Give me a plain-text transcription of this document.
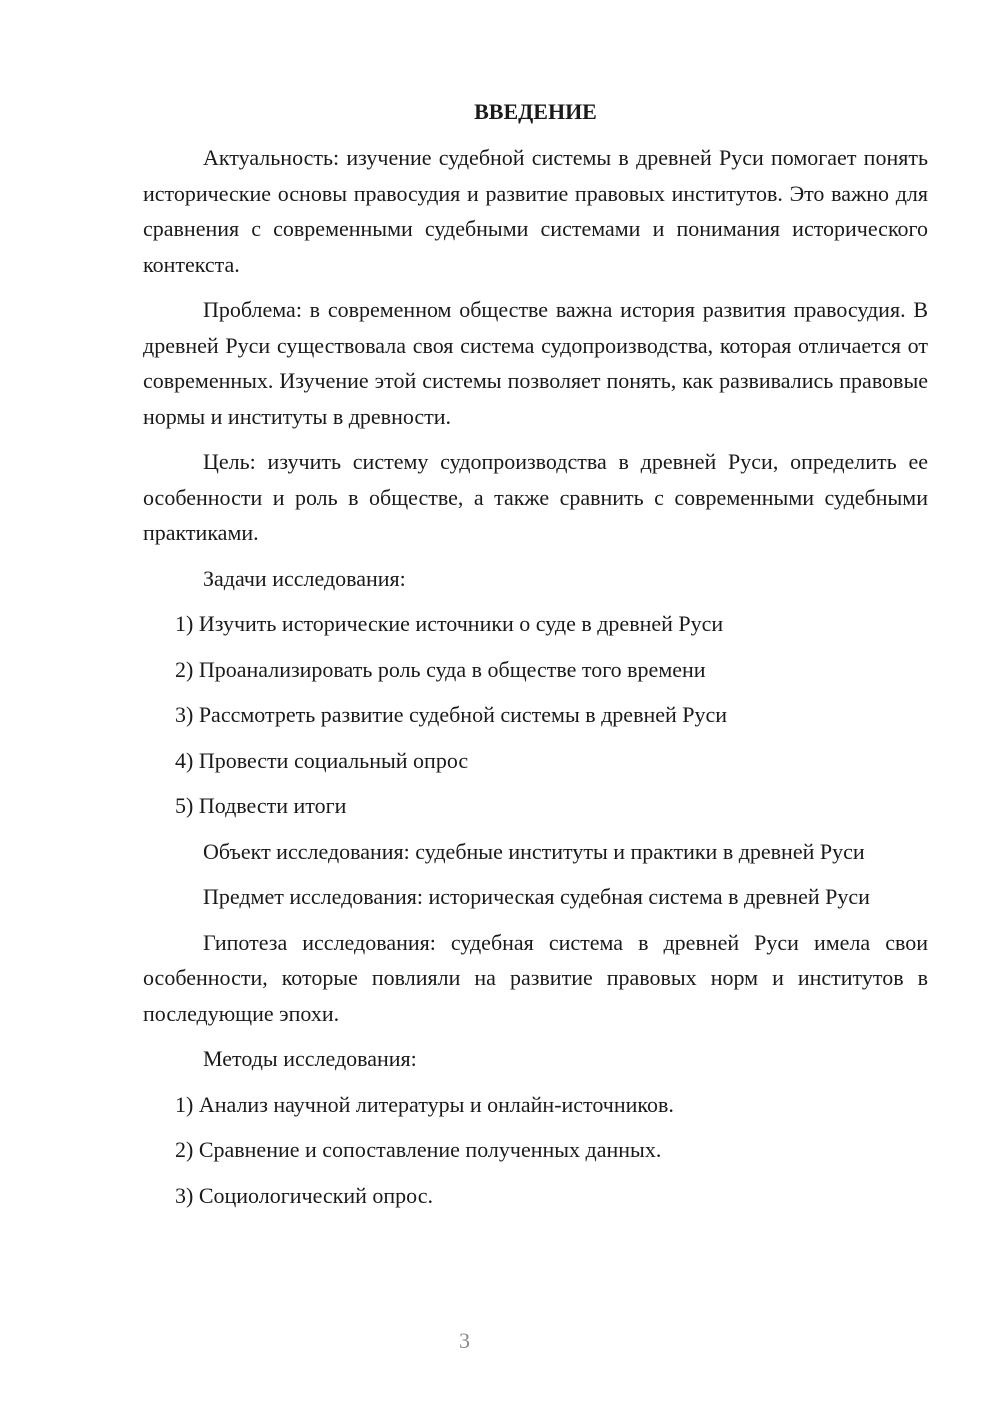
ВВЕДЕНИЕ
Актуальность: изучение судебной системы в древней Руси помогает понять исторические основы правосудия и развитие правовых институтов. Это важно для сравнения с современными судебными системами и понимания исторического контекста.
Проблема: в современном обществе важна история развития правосудия. В древней Руси существовала своя система судопроизводства, которая отличается от современных. Изучение этой системы позволяет понять, как развивались правовые нормы и институты в древности.
Цель: изучить систему судопроизводства в древней Руси, определить ее особенности и роль в обществе, а также сравнить с современными судебными практиками.
Задачи исследования:
1) Изучить исторические источники о суде в древней Руси
2) Проанализировать роль суда в обществе того времени
3) Рассмотреть развитие судебной системы в древней Руси
4) Провести социальный опрос
5) Подвести итоги
Объект исследования: судебные институты и практики в древней Руси
Предмет исследования: историческая судебная система в древней Руси
Гипотеза исследования: судебная система в древней Руси имела свои особенности, которые повлияли на развитие правовых норм и институтов в последующие эпохи.
Методы исследования:
1) Анализ научной литературы и онлайн-источников.
2) Сравнение и сопоставление полученных данных.
3) Социологический опрос.
3
